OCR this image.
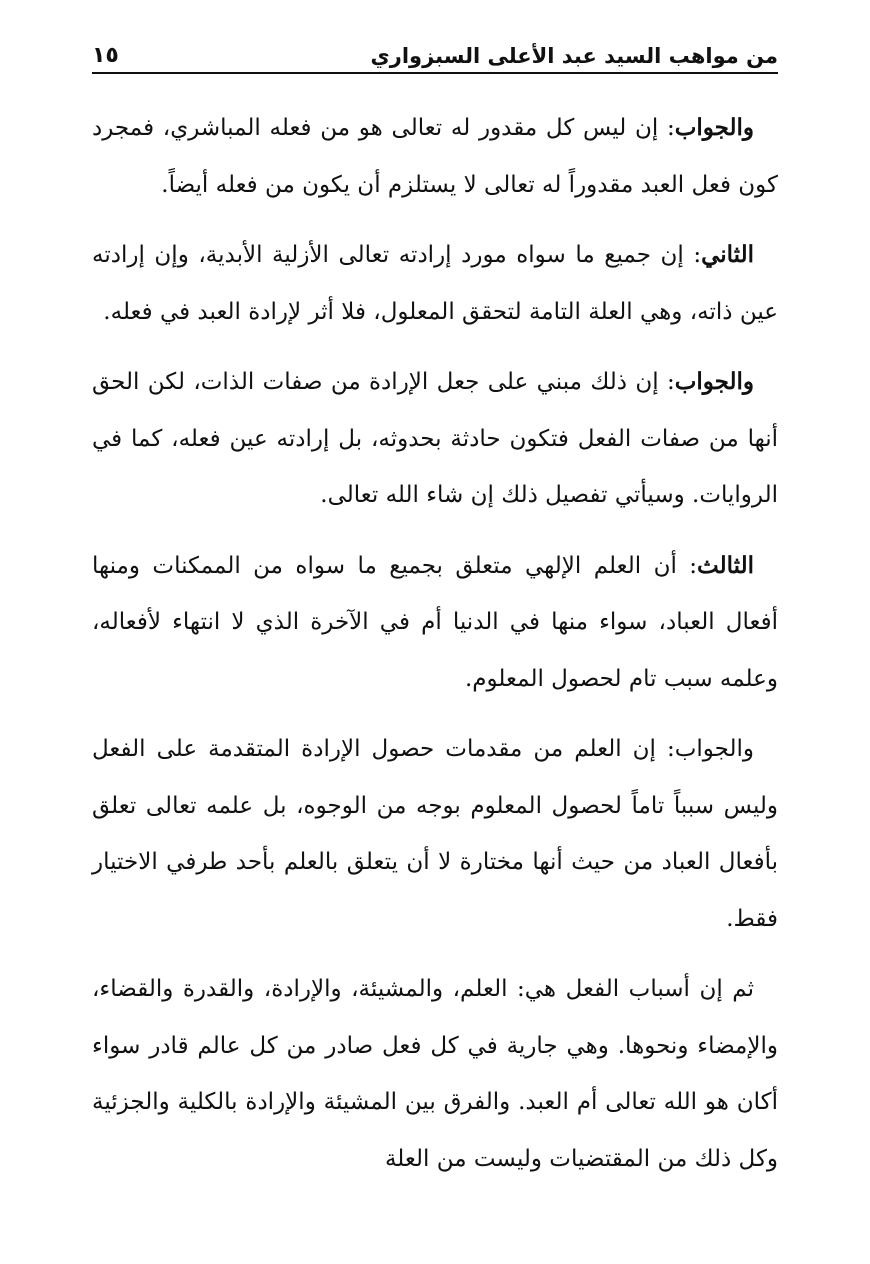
من مواهب السيد عبد الأعلى السبزواري
١٥

والجواب: إن ليس كل مقدور له تعالى هو من فعله المباشري، فمجرد كون فعل العبد مقدوراً له تعالى لا يستلزم أن يكون من فعله أيضاً.

الثاني: إن جميع ما سواه مورد إرادته تعالى الأزلية الأبدية، وإن إرادته عين ذاته، وهي العلة التامة لتحقق المعلول، فلا أثر لإرادة العبد في فعله.

والجواب: إن ذلك مبني على جعل الإرادة من صفات الذات، لكن الحق أنها من صفات الفعل فتكون حادثة بحدوثه، بل إرادته عين فعله، كما في الروايات. وسيأتي تفصيل ذلك إن شاء الله تعالى.

الثالث: أن العلم الإلهي متعلق بجميع ما سواه من الممكنات ومنها أفعال العباد، سواء منها في الدنيا أم في الآخرة الذي لا انتهاء لأفعاله، وعلمه سبب تام لحصول المعلوم.

والجواب: إن العلم من مقدمات حصول الإرادة المتقدمة على الفعل وليس سبباً تاماً لحصول المعلوم بوجه من الوجوه، بل علمه تعالى تعلق بأفعال العباد من حيث أنها مختارة لا أن يتعلق بالعلم بأحد طرفي الاختيار فقط.

ثم إن أسباب الفعل هي: العلم، والمشيئة، والإرادة، والقدرة والقضاء، والإمضاء ونحوها. وهي جارية في كل فعل صادر من كل عالم قادر سواء أكان هو الله تعالى أم العبد. والفرق بين المشيئة والإرادة بالكلية والجزئية وكل ذلك من المقتضيات وليست من العلة
